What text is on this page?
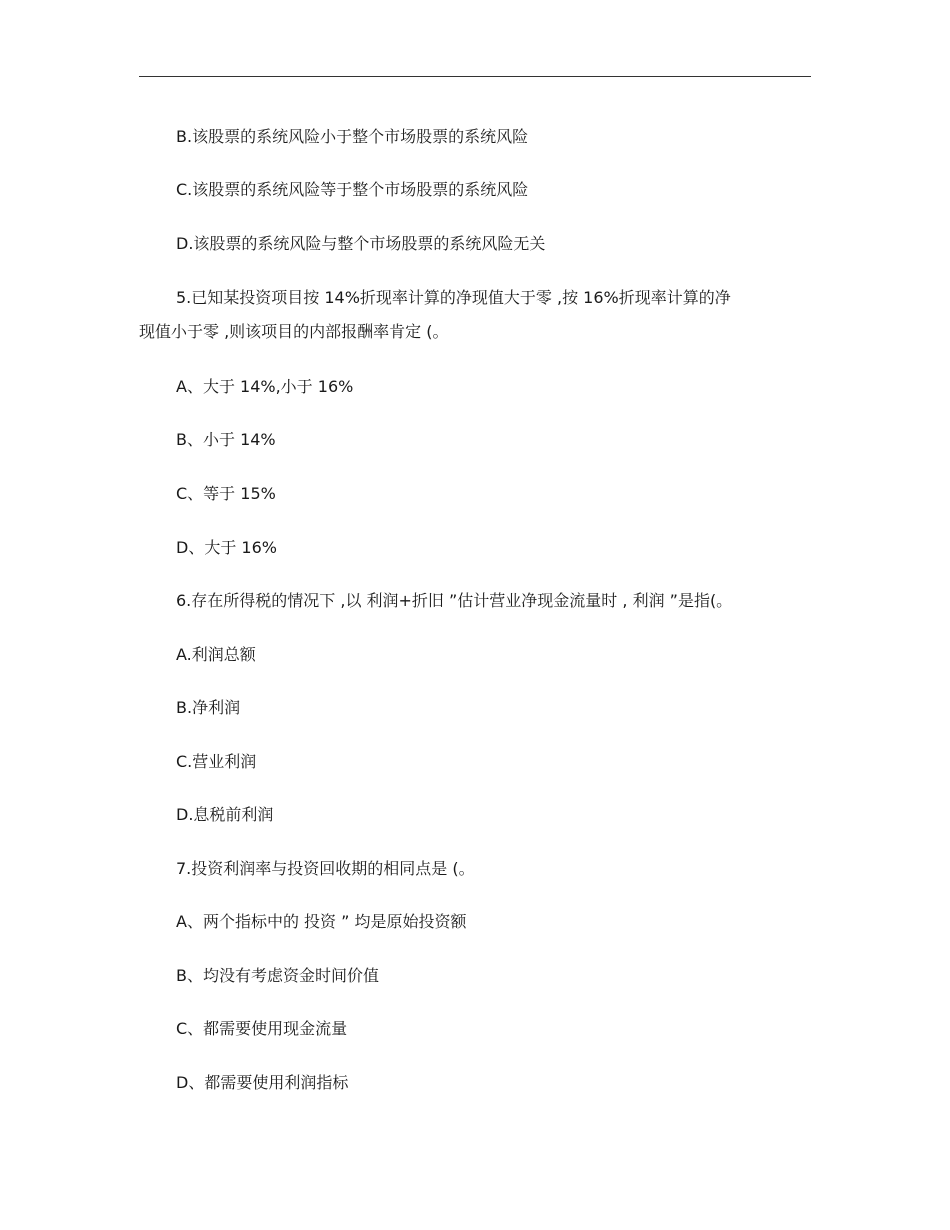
B.该股票的系统风险小于整个市场股票的系统风险
C.该股票的系统风险等于整个市场股票的系统风险
D.该股票的系统风险与整个市场股票的系统风险无关
5.已知某投资项目按 14%折现率计算的净现值大于零 ,按 16%折现率计算的净
现值小于零 ,则该项目的内部报酬率肯定 (。
A、大于 14%,小于 16%
B、小于 14%
C、等于 15%
D、大于 16%
6.存在所得税的情况下 ,以 利润+折旧 ”估计营业净现金流量时 , 利润 ”是指(。
A.利润总额
B.净利润
C.营业利润
D.息税前利润
7.投资利润率与投资回收期的相同点是 (。
A、两个指标中的 投资 ” 均是原始投资额
B、均没有考虑资金时间价值
C、都需要使用现金流量
D、都需要使用利润指标
